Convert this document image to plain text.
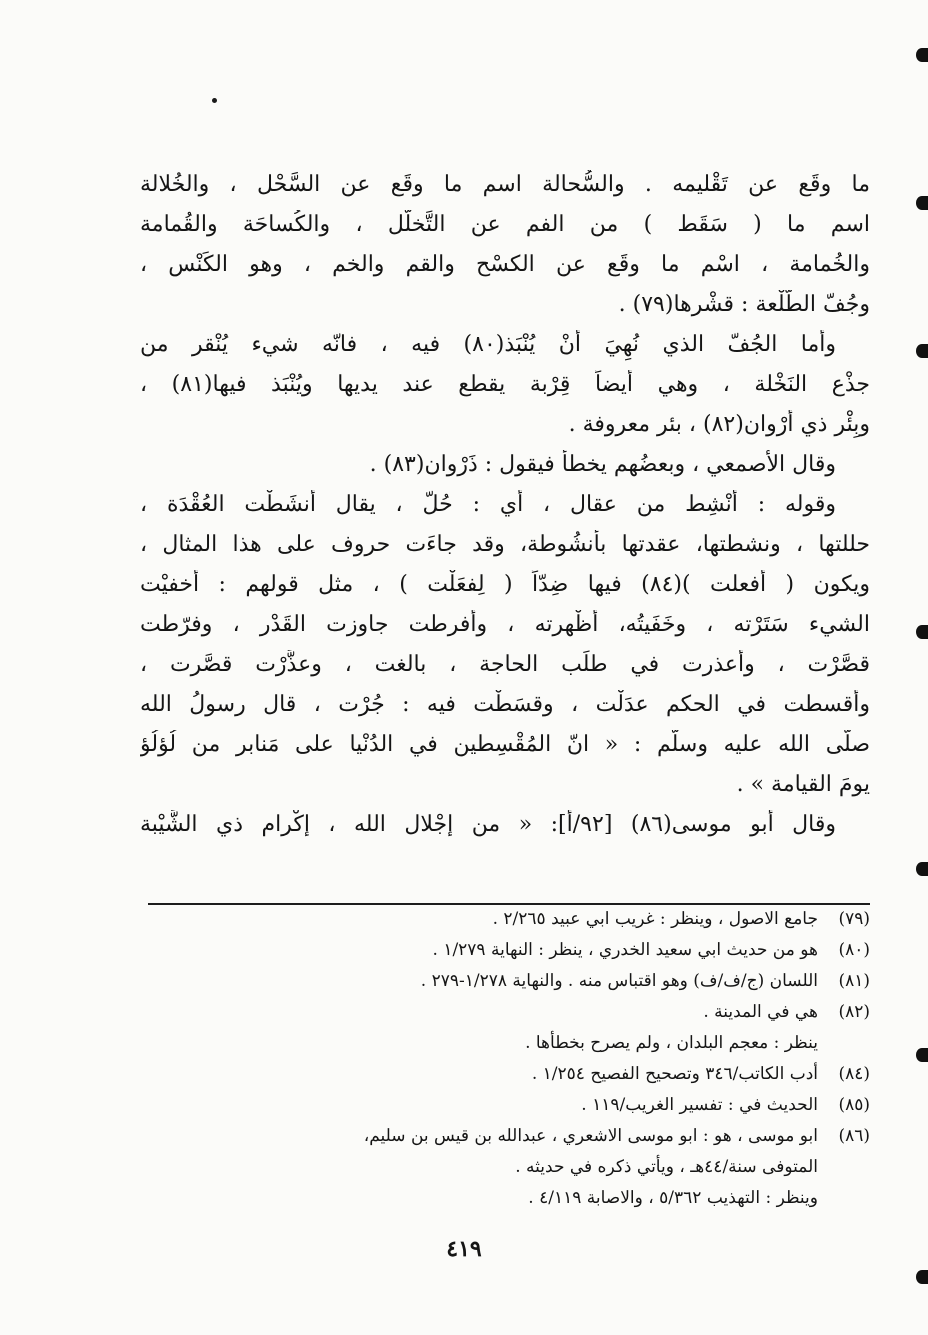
ما وقَع عن تَقْليمه . والسُّحالة اسم ما وقَع عن السَّحْل ، والخُلالة
اسم ما ( سَقَط ) من الفم عن التَّخلّل ، والكُساحَة والقُمامة
والخُمامة ، اسْم ما وقَع عن الكسْح والقم والخم ، وهو الكَنْس ،
وجُفّ الطَّلْعة : قشْرها(٧٩) .
وأما الجُفّ الذي نُهِيَ أنْ يُنْبَذ(٨٠) فيه ، فانّه شيء يُنْقر من
جذْع النَخْلة ، وهي أيضاً قِرْبة يقطع عند يديها ويُنْبَذ فيها(٨١) ،
وبِئْر ذي أَرْوان(٨٢) ، بئر معروفة .
وقال الأصمعي ، وبعضُهم يخطأ فيقول : ذَرْوان(٨٣) .
وقوله : أُنْشِط من عقال ، أي : حُلّ ، يقال أَنشَطْت العُقْدَة ،
حللتها ، ونشطتها، عقدتها بأُنشُوطة، وقد جاءَت حروف على هذا المثال ،
ويكون ( أفعلت )(٨٤) فيها ضِدّاً ( لِفعَلْت ) ، مثل قولهم : أخفيْت
الشيء سَتَرْته ، وخَفَيتُه، أظْهرته ، وأفرطت جاوزت القَدْر ، وفرّطت
قصَّرْت ، وأعذرت في طلَب الحاجة ، بالغت ، وعذَّرْت قصَّرت ،
وأقسطت في الحكم عدَلْت ، وقسَطْت فيه : جُرْت ، قال رسولُ الله
صلّى الله عليه وسلّم : « انّ المُقْسِطين في الدُنْيا على مَنابر من لُؤلُؤ
يومَ القيامة » .
وقال أبو موسى(٨٦) [٩٢/أ]: « من إجْلال الله ، إكْرام ذي الشَّيْبة
(٧٩)
جامع الاصول ، وينظر : غريب ابي عبيد ٢/٢٦٥ .
(٨٠)
هو من حديث ابي سعيد الخدري ، ينظر : النهاية ١/٢٧٩ .
(٨١)
اللسان (ج/ف/ف) وهو اقتباس منه . والنهاية ١/٢٧٨-٢٧٩ .
(٨٢)
هي في المدينة .
ينظر : معجم البلدان ، ولم يصرح بخطأها .
(٨٤)
أدب الكاتب/٣٤٦ وتصحيح الفصيح ١/٢٥٤ .
(٨٥)
الحديث في : تفسير الغريب/١١٩ .
(٨٦)
ابو موسى ، هو : ابو موسى الاشعري ، عبدالله بن قيس بن سليم،
المتوفى سنة/٤٤هـ ، ويأتي ذكره في حديثه .
وينظر : التهذيب ٥/٣٦٢ ، والاصابة ٤/١١٩ .
٤١٩
